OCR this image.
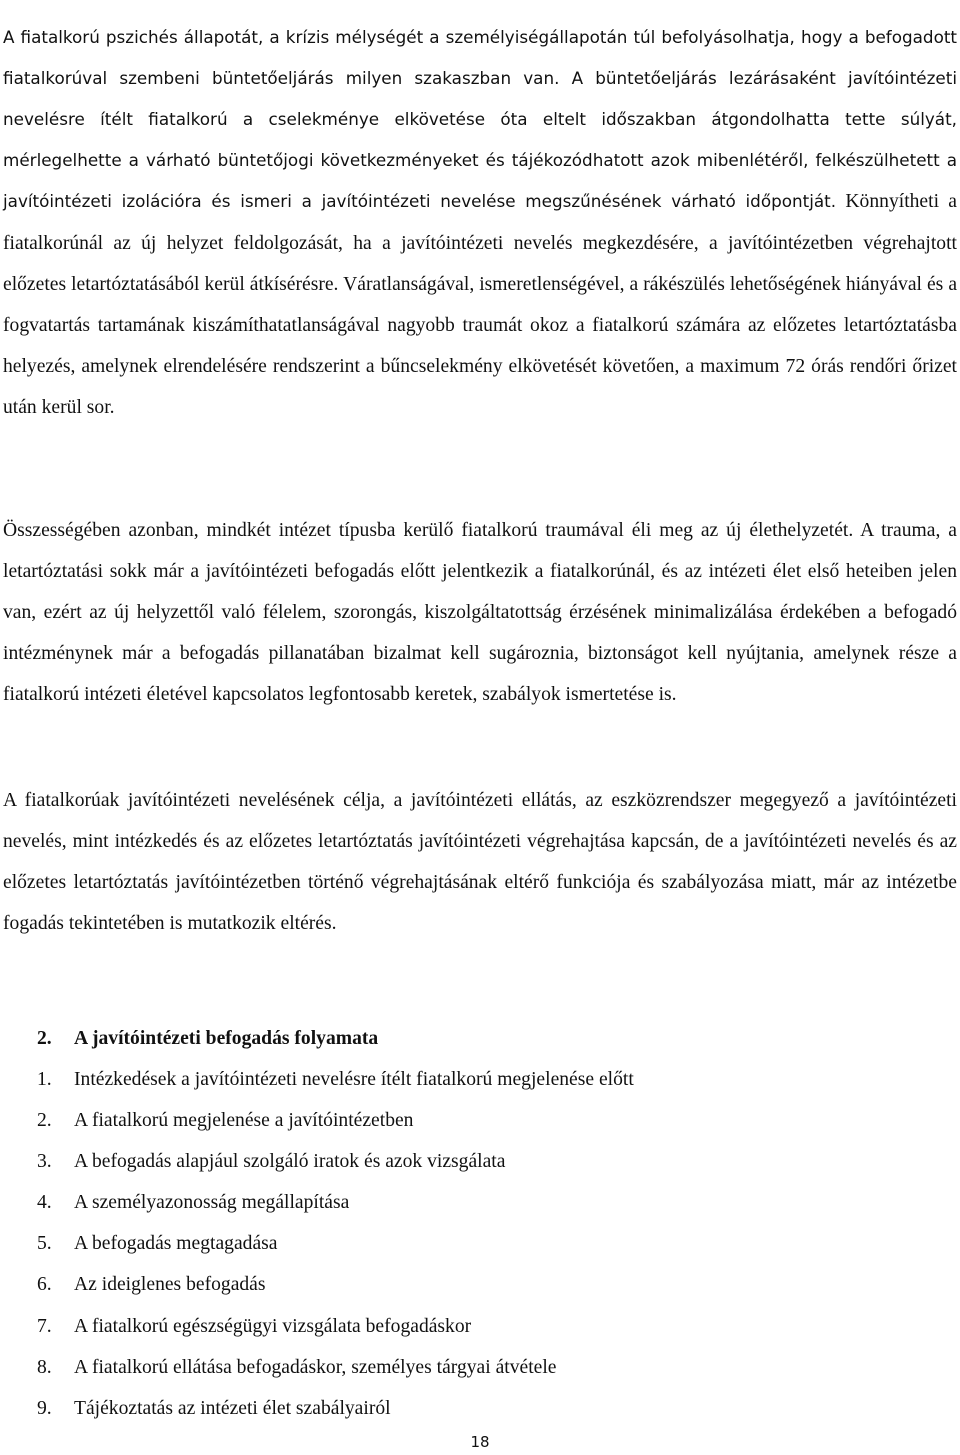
A fiatalkorú pszichés állapotát, a krízis mélységét a személyiségállapotán túl befolyásolhatja, hogy a befogadott fiatalkorúval szembeni büntetőeljárás milyen szakaszban van. A büntetőeljárás lezárásaként javítóintézeti nevelésre ítélt fiatalkorú a cselekménye elkövetése óta eltelt időszakban átgondolhatta tette súlyát, mérlegelhette a várható büntetőjogi következményeket és tájékozódhatott azok mibenlétéről, felkészülhetett a javítóintézeti izolációra és ismeri a javítóintézeti nevelése megszűnésének várható időpontját. Könnyítheti a fiatalkorúnál az új helyzet feldolgozását, ha a javítóintézeti nevelés megkezdésére, a javítóintézetben végrehajtott előzetes letartóztatásából kerül átkísérésre. Váratlanságával, ismeretlenségével, a rákészülés lehetőségének hiányával és a fogvatartás tartamának kiszámíthatatlanságával nagyobb traumát okoz a fiatalkorú számára az előzetes letartóztatásba helyezés, amelynek elrendelésére rendszerint a bűncselekmény elkövetését követően, a maximum 72 órás rendőri őrizet után kerül sor.

Összességében azonban, mindkét intézet típusba kerülő fiatalkorú traumával éli meg az új élethelyzetét. A trauma, a letartóztatási sokk már a javítóintézeti befogadás előtt jelentkezik a fiatalkorúnál, és az intézeti élet első heteiben jelen van, ezért az új helyzettől való félelem, szorongás, kiszolgáltatottság érzésének minimalizálása érdekében a befogadó intézménynek már a befogadás pillanatában bizalmat kell sugároznia, biztonságot kell nyújtania, amelynek része a fiatalkorú intézeti életével kapcsolatos legfontosabb keretek, szabályok ismertetése is.

A fiatalkorúak javítóintézeti nevelésének célja, a javítóintézeti ellátás, az eszközrendszer megegyező a javítóintézeti nevelés, mint intézkedés és az előzetes letartóztatás javítóintézeti végrehajtása kapcsán, de a javítóintézeti nevelés és az előzetes letartóztatás javítóintézetben történő végrehajtásának eltérő funkciója és szabályozása miatt, már az intézetbe fogadás tekintetében is mutatkozik eltérés.

2. A javítóintézeti befogadás folyamata
1. Intézkedések a javítóintézeti nevelésre ítélt fiatalkorú megjelenése előtt
2. A fiatalkorú megjelenése a javítóintézetben
3. A befogadás alapjául szolgáló iratok és azok vizsgálata
4. A személyazonosság megállapítása
5. A befogadás megtagadása
6. Az ideiglenes befogadás
7. A fiatalkorú egészségügyi vizsgálata befogadáskor
8. A fiatalkorú ellátása befogadáskor, személyes tárgyai átvétele
9. Tájékoztatás az intézeti élet szabályairól
18
